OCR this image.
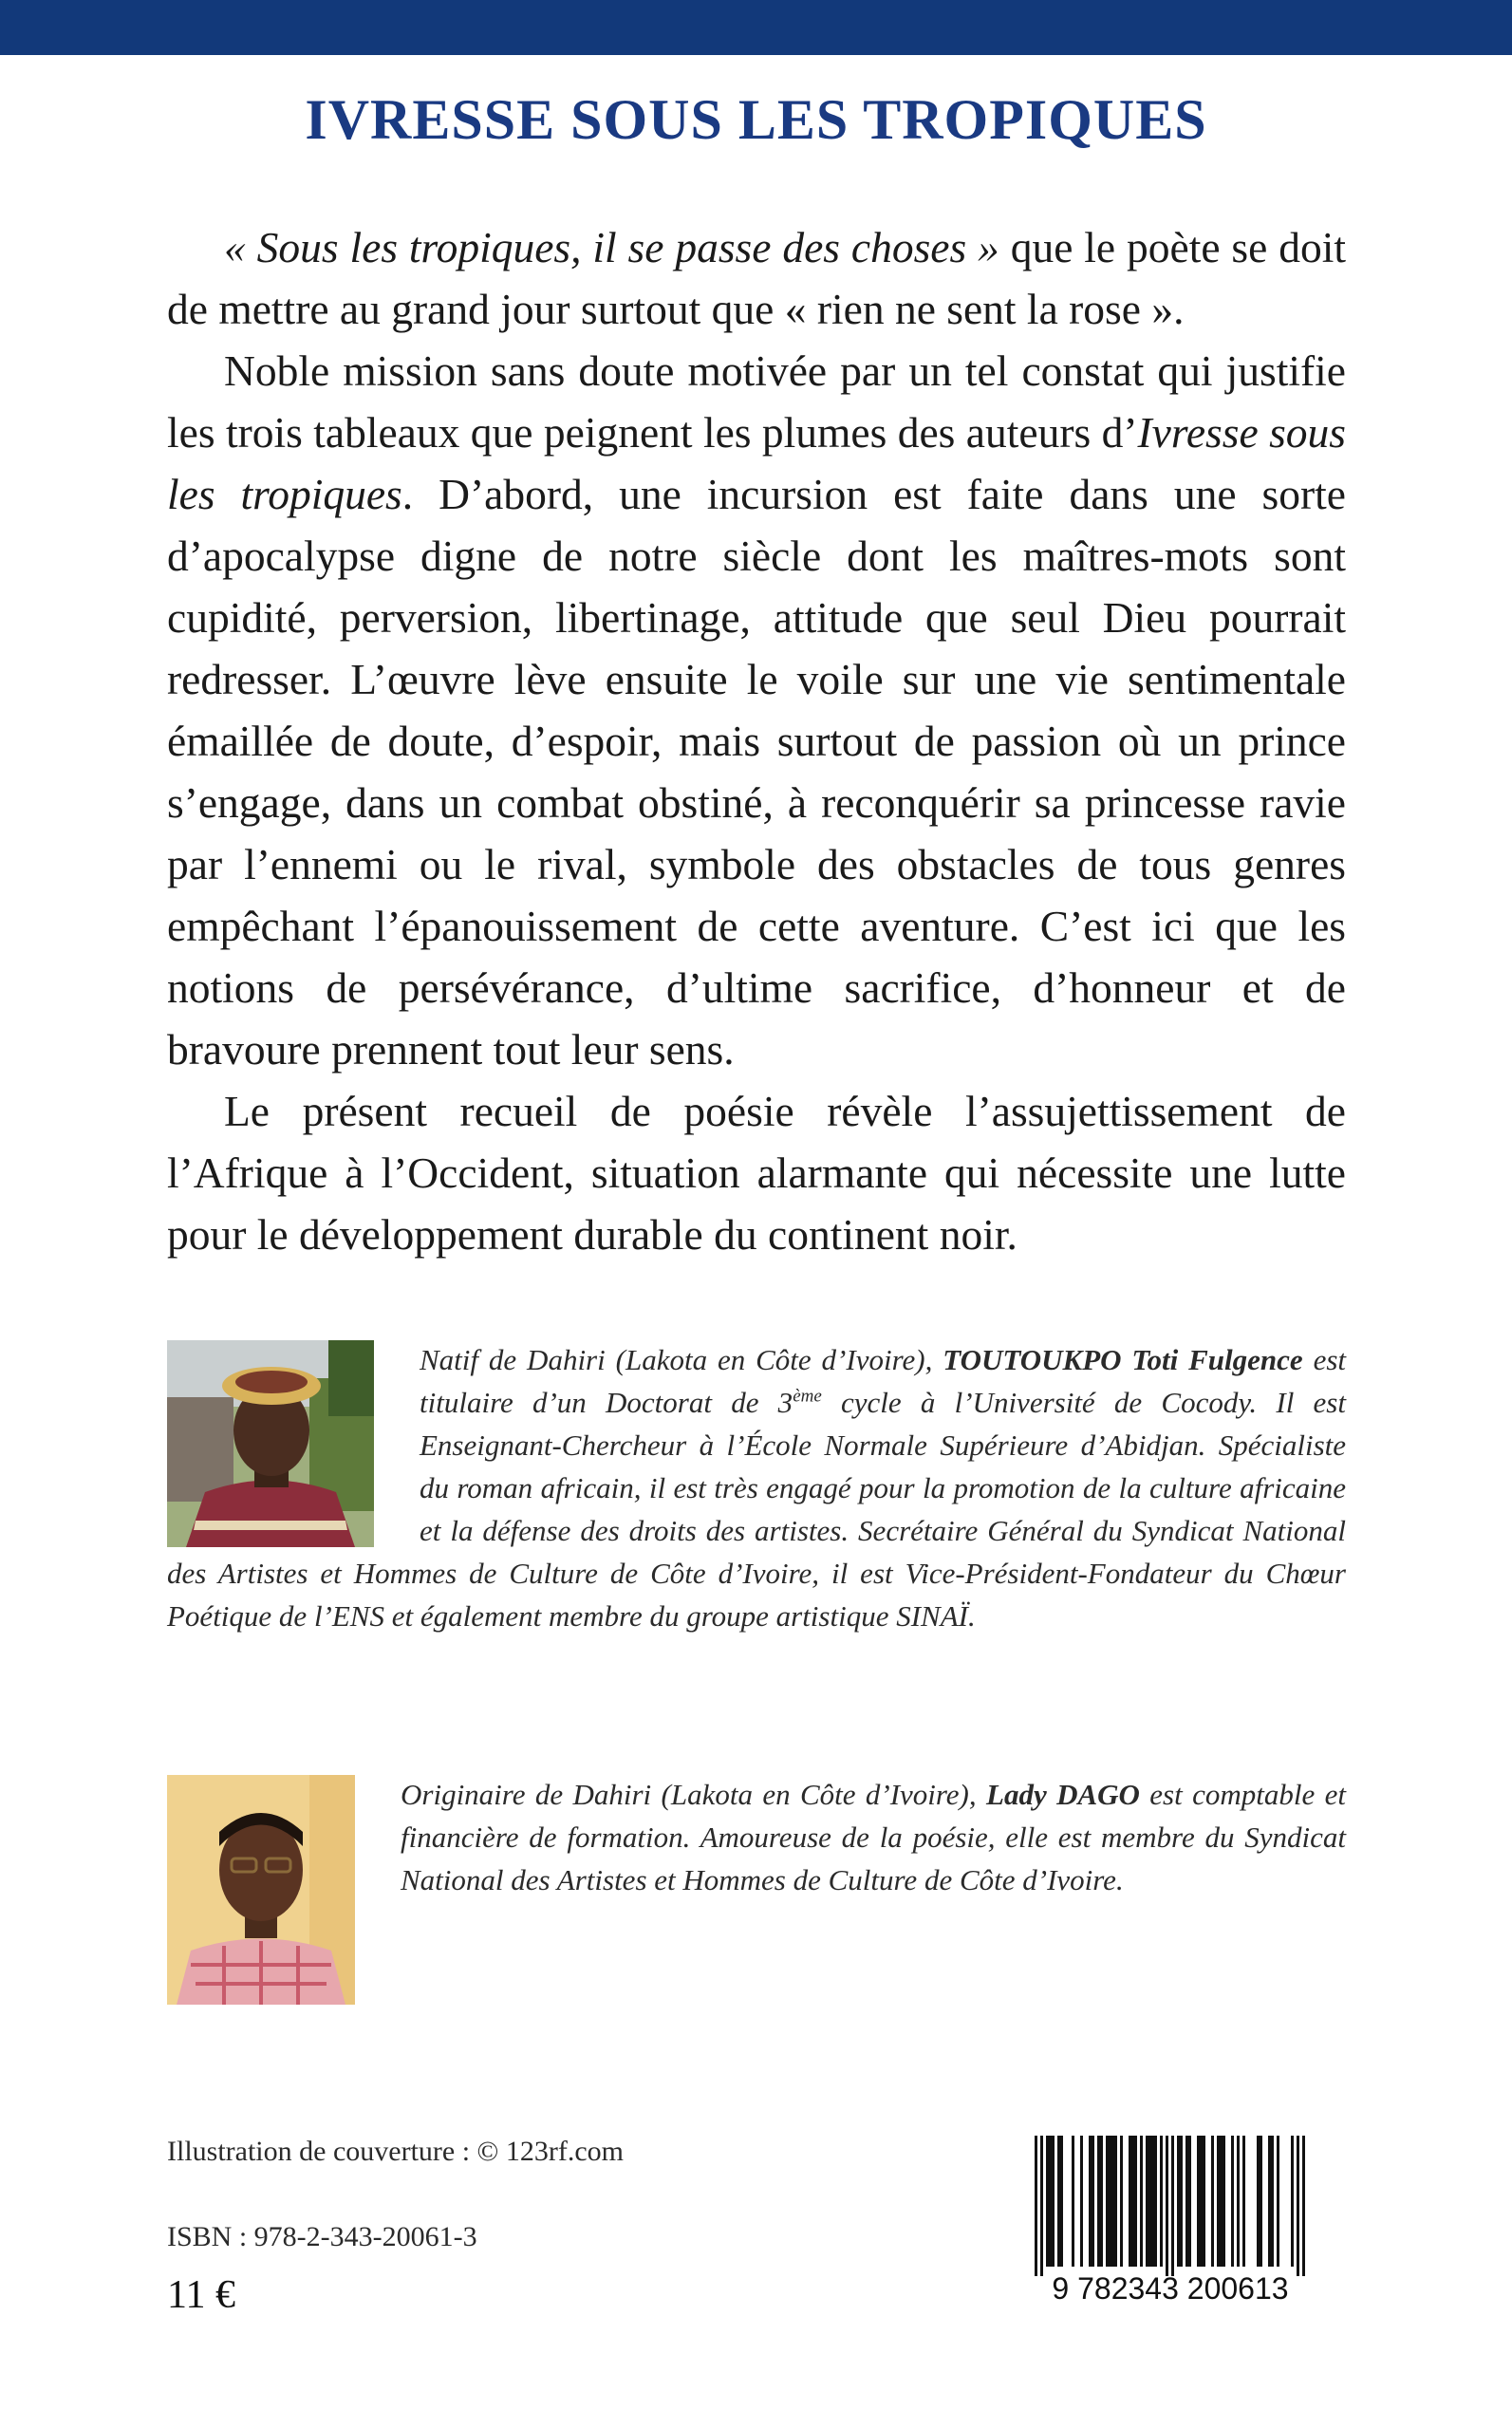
IVRESSE SOUS LES TROPIQUES

« Sous les tropiques, il se passe des choses » que le poète se doit de mettre au grand jour surtout que « rien ne sent la rose ».

Noble mission sans doute motivée par un tel constat qui justifie les trois tableaux que peignent les plumes des auteurs d’Ivresse sous les tropiques. D’abord, une incursion est faite dans une sorte d’apocalypse digne de notre siècle dont les maîtres-mots sont cupidité, perversion, libertinage, attitude que seul Dieu pourrait redresser. L’œuvre lève ensuite le voile sur une vie sentimentale émaillée de doute, d’espoir, mais surtout de passion où un prince s’engage, dans un combat obstiné, à reconquérir sa princesse ravie par l’ennemi ou le rival, symbole des obstacles de tous genres empêchant l’épanouissement de cette aventure. C’est ici que les notions de persévérance, d’ultime sacrifice, d’honneur et de bravoure prennent tout leur sens.

Le présent recueil de poésie révèle l’assujettissement de l’Afrique à l’Occident, situation alarmante qui nécessite une lutte pour le développement durable du continent noir.

Natif de Dahiri (Lakota en Côte d’Ivoire), TOUTOUKPO Toti Fulgence est titulaire d’un Doctorat de 3ème cycle à l’Université de Cocody. Il est Enseignant-Chercheur à l’École Normale Supérieure d’Abidjan. Spécialiste du roman africain, il est très engagé pour la promotion de la culture africaine et la défense des droits des artistes. Secrétaire Général du Syndicat National des Artistes et Hommes de Culture de Côte d’Ivoire, il est Vice-Président-Fondateur du Chœur Poétique de l’ENS et également membre du groupe artistique SINAÏ.
Originaire de Dahiri (Lakota en Côte d’Ivoire), Lady DAGO est comptable et financière de formation. Amoureuse de la poésie, elle est membre du Syndicat National des Artistes et Hommes de Culture de Côte d’Ivoire.
Illustration de couverture : © 123rf.com
ISBN : 978-2-343-20061-3
11 €	9 782343 200613
